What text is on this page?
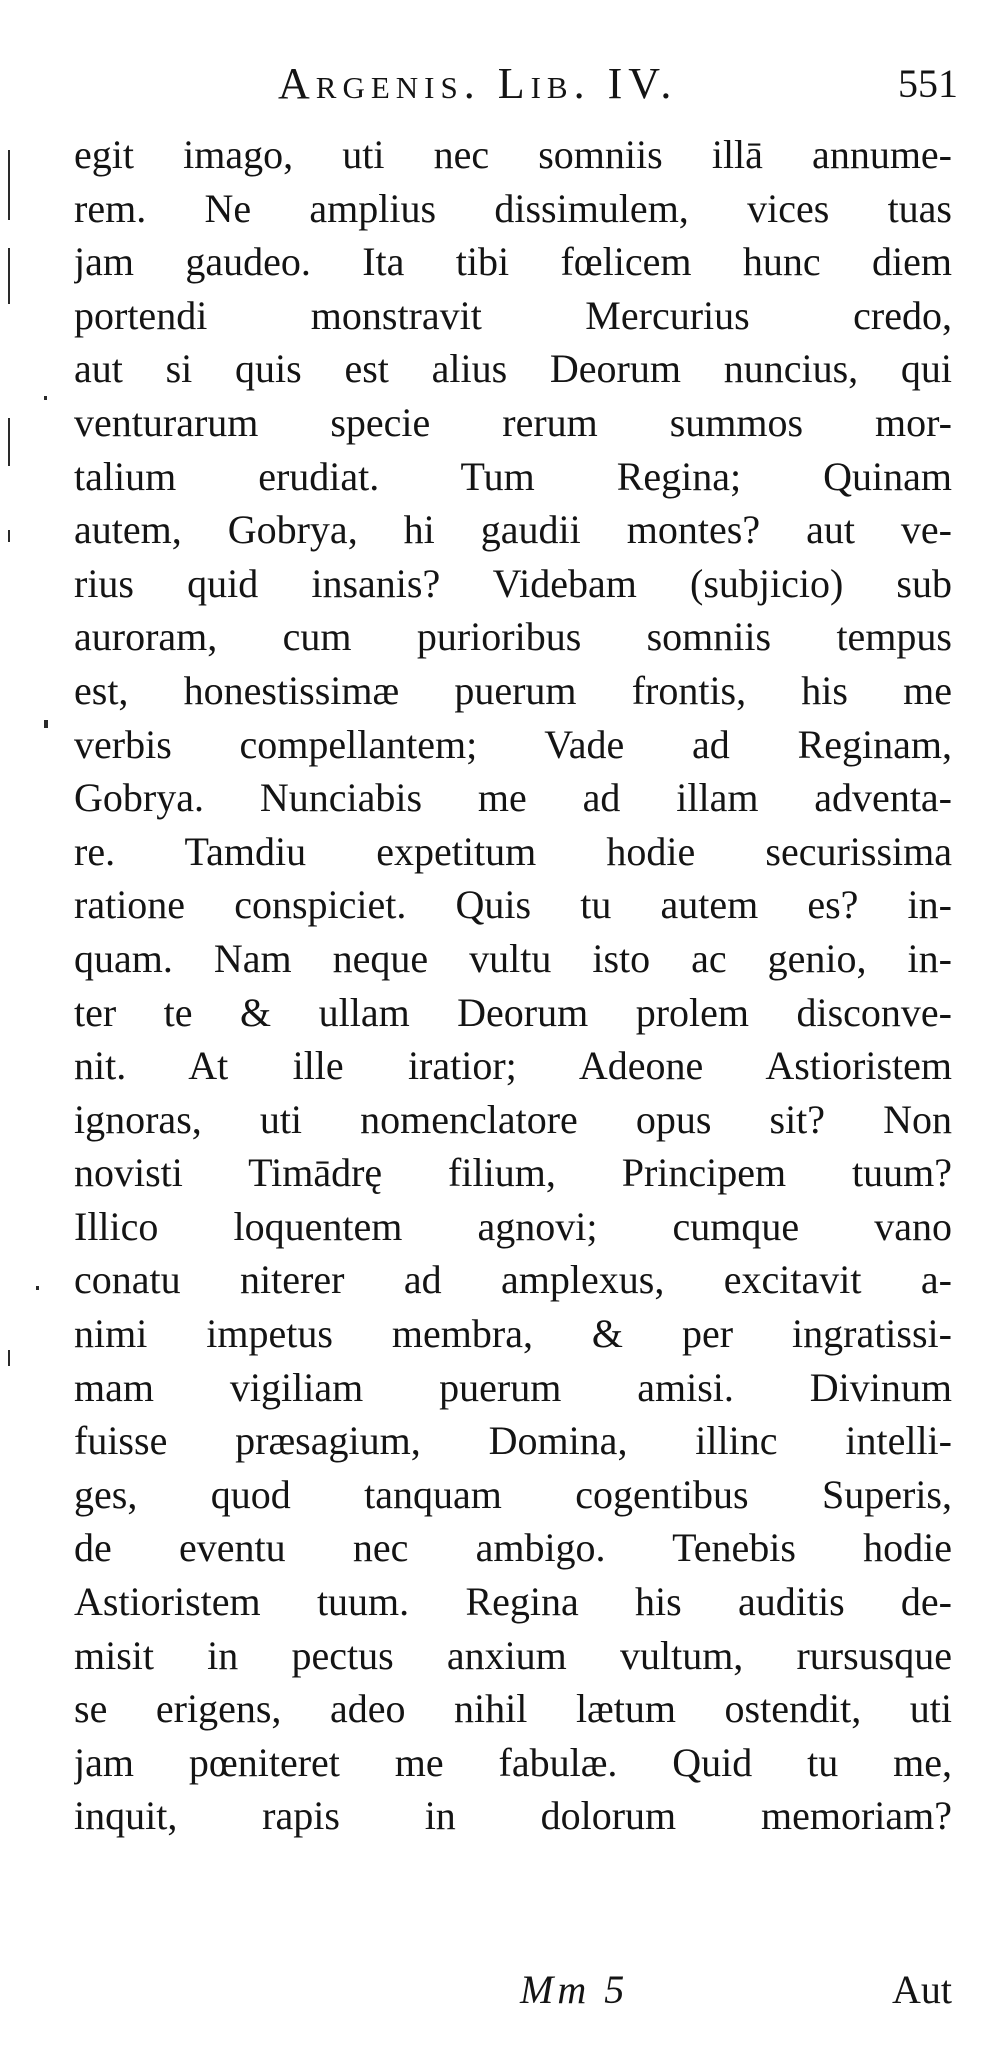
Argenis. Lib. IV.	551
egit imago, uti nec somniis illā annume-
rem. Ne amplius dissimulem, vices tuas
jam gaudeo. Ita tibi fœlicem hunc diem
portendi monstravit Mercurius credo,
aut si quis est alius Deorum nuncius, qui
venturarum specie rerum summos mor-
talium erudiat. Tum Regina; Quinam
autem, Gobrya, hi gaudii montes? aut ve-
rius quid insanis? Videbam (subjicio) sub
auroram, cum purioribus somniis tempus
est, honestissimæ puerum frontis, his me
verbis compellantem; Vade ad Reginam,
Gobrya. Nunciabis me ad illam adventa-
re. Tamdiu expetitum hodie securissima
ratione conspiciet. Quis tu autem es? in-
quam. Nam neque vultu isto ac genio, in-
ter te & ullam Deorum prolem disconve-
nit. At ille iratior; Adeone Astioristem
ignoras, uti nomenclatore opus sit? Non
novisti Timādrę filium, Principem tuum?
Illico loquentem agnovi; cumque vano
conatu niterer ad amplexus, excitavit a-
nimi impetus membra, & per ingratissi-
mam vigiliam puerum amisi. Divinum
fuisse præsagium, Domina, illinc intelli-
ges, quod tanquam cogentibus Superis,
de eventu nec ambigo. Tenebis hodie
Astioristem tuum. Regina his auditis de-
misit in pectus anxium vultum, rursusque
se erigens, adeo nihil lætum ostendit, uti
jam pœniteret me fabulæ. Quid tu me,
inquit, rapis in dolorum memoriam?
Mm 5	Aut
